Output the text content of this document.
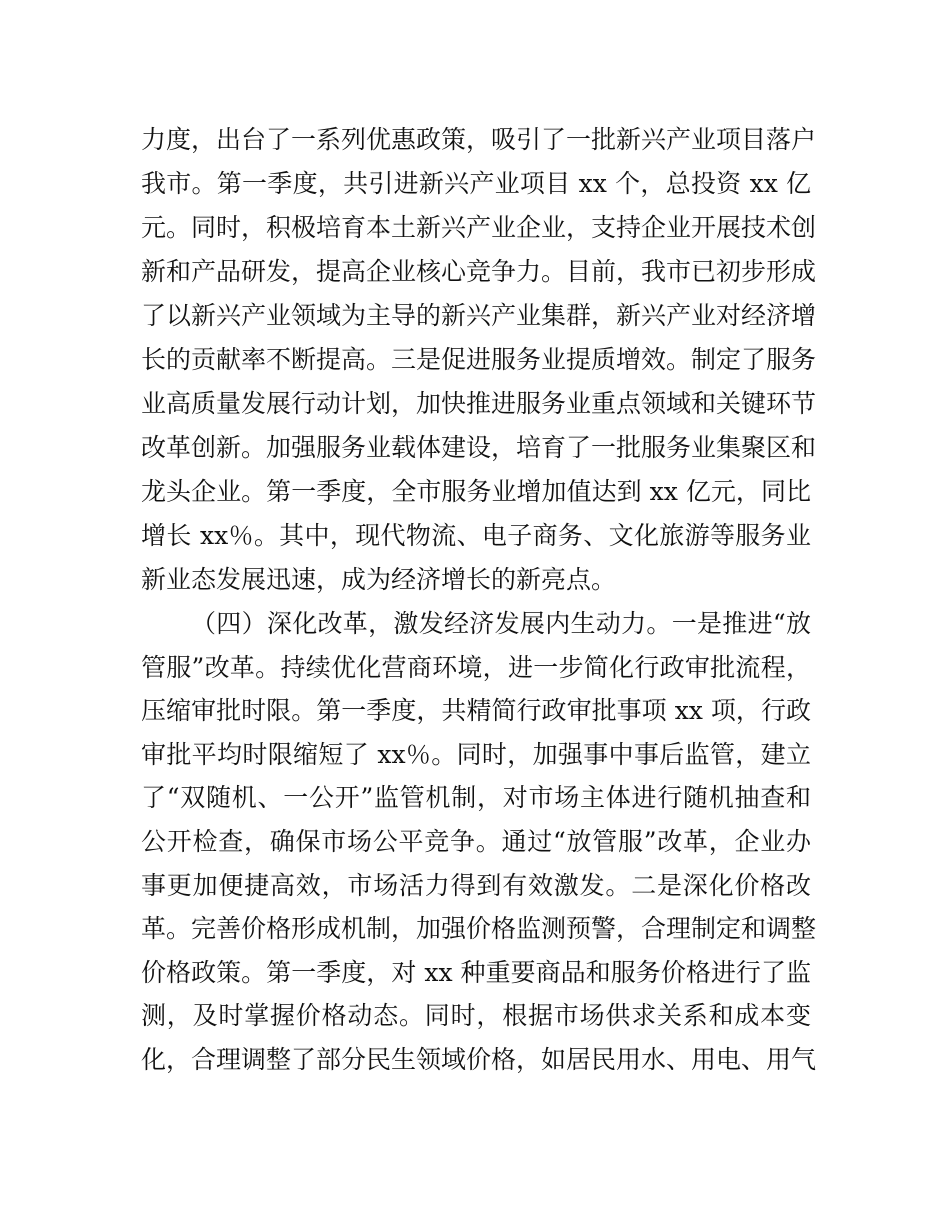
力度，出台了一系列优惠政策，吸引了一批新兴产业项目落户
我市。第一季度，共引进新兴产业项目 xx 个，总投资 xx 亿
元。同时，积极培育本土新兴产业企业，支持企业开展技术创
新和产品研发，提高企业核心竞争力。目前，我市已初步形成
了以新兴产业领域为主导的新兴产业集群，新兴产业对经济增
长的贡献率不断提高。三是促进服务业提质增效。制定了服务
业高质量发展行动计划，加快推进服务业重点领域和关键环节
改革创新。加强服务业载体建设，培育了一批服务业集聚区和
龙头企业。第一季度，全市服务业增加值达到 xx 亿元，同比
增长 xx％。其中，现代物流、电子商务、文化旅游等服务业
新业态发展迅速，成为经济增长的新亮点。
（四）深化改革，激发经济发展内生动力。一是推进“放
管服”改革。持续优化营商环境，进一步简化行政审批流程，
压缩审批时限。第一季度，共精简行政审批事项 xx 项，行政
审批平均时限缩短了 xx％。同时，加强事中事后监管，建立
了“双随机、一公开”监管机制，对市场主体进行随机抽查和
公开检查，确保市场公平竞争。通过“放管服”改革，企业办
事更加便捷高效，市场活力得到有效激发。二是深化价格改
革。完善价格形成机制，加强价格监测预警，合理制定和调整
价格政策。第一季度，对 xx 种重要商品和服务价格进行了监
测，及时掌握价格动态。同时，根据市场供求关系和成本变
化，合理调整了部分民生领域价格，如居民用水、用电、用气
